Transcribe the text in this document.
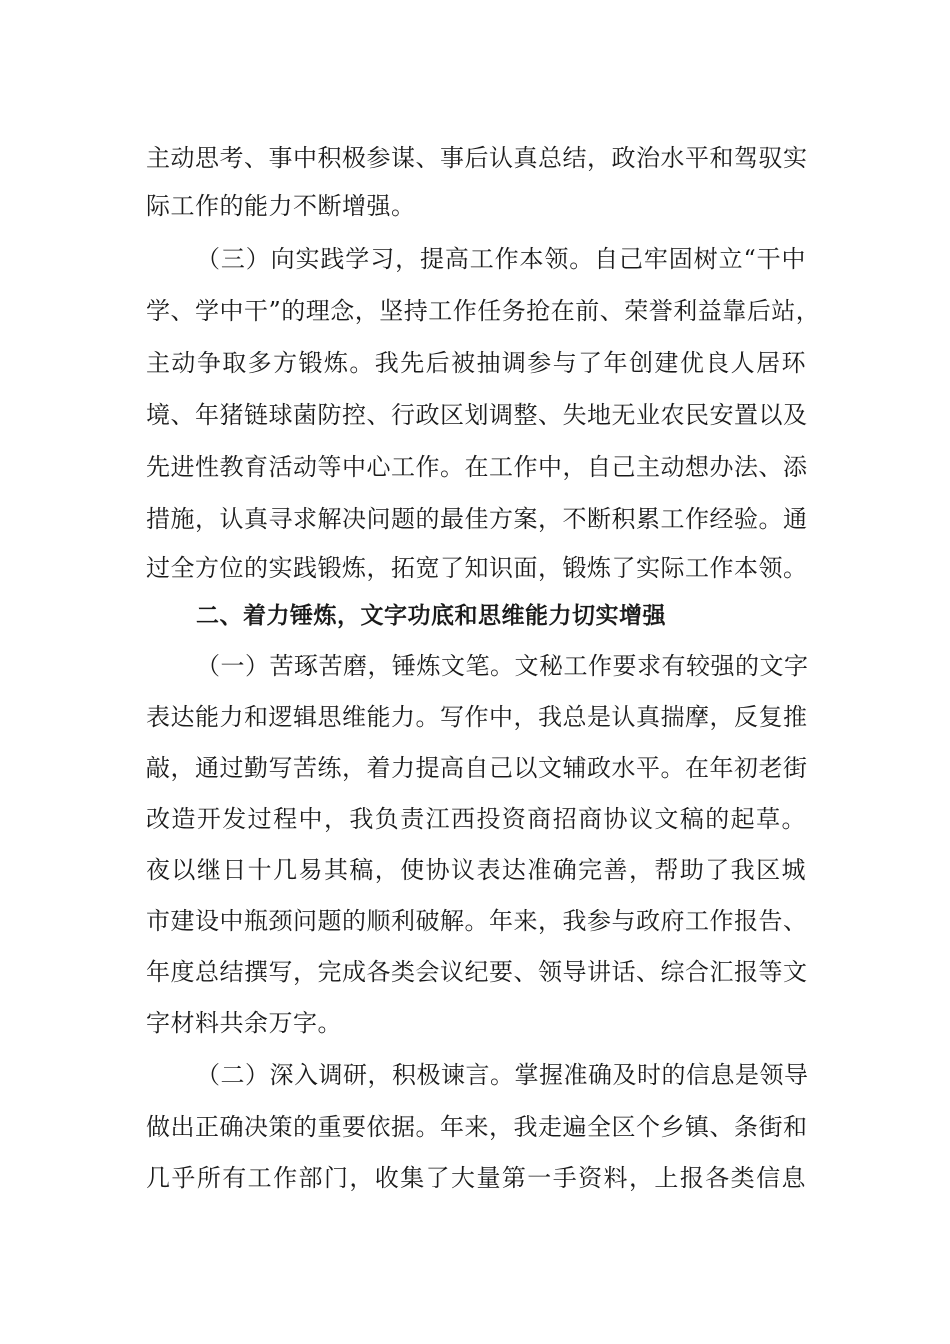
主动思考、事中积极参谋、事后认真总结，政治水平和驾驭实
际工作的能力不断增强。
（三）向实践学习，提高工作本领。自己牢固树立“干中
学、学中干”的理念，坚持工作任务抢在前、荣誉利益靠后站，
主动争取多方锻炼。我先后被抽调参与了年创建优良人居环
境、年猪链球菌防控、行政区划调整、失地无业农民安置以及
先进性教育活动等中心工作。在工作中，自己主动想办法、添
措施，认真寻求解决问题的最佳方案，不断积累工作经验。通
过全方位的实践锻炼，拓宽了知识面，锻炼了实际工作本领。
二、着力锤炼，文字功底和思维能力切实增强
（一）苦琢苦磨，锤炼文笔。文秘工作要求有较强的文字
表达能力和逻辑思维能力。写作中，我总是认真揣摩，反复推
敲，通过勤写苦练，着力提高自己以文辅政水平。在年初老街
改造开发过程中，我负责江西投资商招商协议文稿的起草。
夜以继日十几易其稿，使协议表达准确完善，帮助了我区城
市建设中瓶颈问题的顺利破解。年来，我参与政府工作报告、
年度总结撰写，完成各类会议纪要、领导讲话、综合汇报等文
字材料共余万字。
（二）深入调研，积极谏言。掌握准确及时的信息是领导
做出正确决策的重要依据。年来，我走遍全区个乡镇、条街和
几乎所有工作部门，收集了大量第一手资料，上报各类信息
